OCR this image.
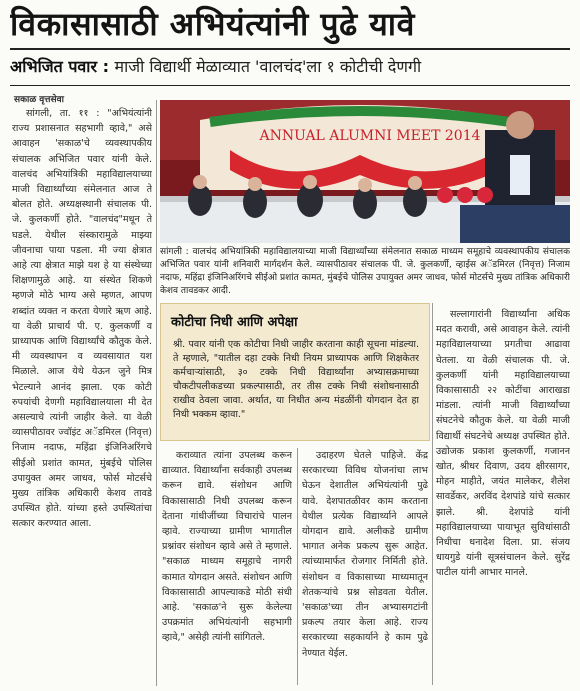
विकासासाठी अभियंत्यांनी पुढे यावे
अभिजित पवार : माजी विद्यार्थी मेळाव्यात 'वालचंद'ला १ कोटीची देणगी
सकाळ वृत्तसेवा

सांगली, ता. ११ : "अभियंत्यांनी राज्य प्रशासनात सहभागी व्हावे," असे आवाहन 'सकाळ'चे व्यवस्थापकीय संचालक अभिजित पवार यांनी केले. वालचंद अभियांत्रिकी महाविद्यालयाच्या माजी विद्यार्थ्यांच्या संमेलनात आज ते बोलत होते. अध्यक्षस्थानी संचालक पी. जे. कुलकर्णी होते. "वालचंद"मधून ते घडले. येथील संस्कारामुळे माझ्या जीवनाचा पाया पडला. मी ज्या क्षेत्रात आहे त्या क्षेत्रात माझे यश हे या संस्थेच्या शिक्षणामुळे आहे. या संस्थेत शिकणे म्हणजे मोठे भाग्य असे म्हणत, आपण शब्दांत व्यक्त न करता येणारे ऋण आहे. या वेळी प्राचार्य पी. ए. कुलकर्णी व प्राध्यापक आणि विद्यार्थ्यांचे कौतुक केले. मी व्यवस्थापन व व्यवसायात यश मिळाले. आज येथे येऊन जुने मित्र भेटल्याने आनंद झाला. एक कोटी रुपयांची देणगी महाविद्यालयाला मी देत असल्याचे त्यांनी जाहीर केले. या वेळी व्यासपीठावर ज्वॉइंट अॅडमिरल (निवृत्त) निजाम नदाफ, महिंद्रा इंजिनिअरिंगचे सीईओ प्रशांत कामत, मुंबईचे पोलिस उपायुक्त अमर जाधव, फोर्स मोटर्सचे मुख्य तांत्रिक अधिकारी केशव तावडे उपस्थित होते. यांच्या हस्ते उपस्थितांचा सत्कार करण्यात आला.

ANNUAL ALUMNI MEET 2014
सांगली : वालचंद अभियांत्रिकी महाविद्यालयाच्या माजी विद्यार्थ्यांच्या संमेलनात सकाळ माध्यम समूहाचे व्यवस्थापकीय संचालक अभिजित पवार यांनी शनिवारी मार्गदर्शन केले. व्यासपीठावर संचालक पी. जे. कुलकर्णी, व्हाईस अॅडमिरल (निवृत्त) निजाम नदाफ, महिंद्रा इंजिनिअरिंगचे सीईओ प्रशांत कामत, मुंबईचे पोलिस उपायुक्त अमर जाधव, फोर्स मोटर्सचे मुख्य तांत्रिक अधिकारी केशव तावडकर आदी.
कोटीचा निधी आणि अपेक्षा
श्री. पवार यांनी एक कोटीचा निधी जाहीर करताना काही सूचना मांडल्या. ते म्हणाले, "यातील दहा टक्के निधी नियम प्राध्यापक आणि शिक्षकेतर कर्मचाऱ्यांसाठी, ३० टक्के निधी विद्यार्थ्यांना अभ्यासक्रमाच्या चौकटीपलीकडच्या प्रकल्पासाठी, तर तीस टक्के निधी संशोधनासाठी राखीव ठेवला जावा. अर्थात, या निधीत अन्य मंडळींनी योगदान देत हा निधी भक्कम व्हावा."

सल्लागारांनी विद्यार्थ्यांना अधिक मदत करावी, असे आवाहन केले. त्यांनी महाविद्यालयाच्या प्रगतीचा आढावा घेतला. या वेळी संचालक पी. जे. कुलकर्णी यांनी महाविद्यालयाच्या विकासासाठी २२ कोटींचा आराखडा मांडला. त्यांनी माजी विद्यार्थ्यांच्या संघटनेचे कौतुक केले. या वेळी माजी विद्यार्थी संघटनेचे अध्यक्ष उपस्थित होते. उद्योजक प्रकाश कुलकर्णी, गजानन खोत, श्रीधर दिवाण, उदय क्षीरसागर, मोहन माहीते, जयंत मालेकर, शैलेश सावर्डेकर, अरविंद देशपांडे यांचे सत्कार झाले. श्री. देशपांडे यांनी महाविद्यालयाच्या पायाभूत सुविधांसाठी निधीचा धनादेश दिला. प्रा. संजय धायगुडे यांनी सूत्रसंचालन केले. सुरेंद्र पाटील यांनी आभार मानले.

कराव्यात त्यांना उपलब्ध करून द्याव्यात. विद्यार्थ्यांना सर्वकाही उपलब्ध करून द्यावे. संशोधन आणि विकासासाठी निधी उपलब्ध करून देताना गांधीजींच्या विचारांचे पालन व्हावे. राज्याच्या ग्रामीण भागातील प्रश्नांवर संशोधन व्हावे असे ते म्हणाले. "सकाळ माध्यम समूहाचे नागरी कामात योगदान असते. संशोधन आणि विकासासाठी आपल्याकडे मोठी संधी आहे. 'सकाळ'ने सुरू केलेल्या उपक्रमांत अभियंत्यांनी सहभागी व्हावे," असेही त्यांनी सांगितले.

उदाहरण घेतले पाहिजे. केंद्र सरकारच्या विविध योजनांचा लाभ घेऊन देशातील अभियंत्यांनी पुढे यावे. देशपातळीवर काम करताना येथील प्रत्येक विद्यार्थ्याने आपले योगदान द्यावे. अलीकडे ग्रामीण भागात अनेक प्रकल्प सुरू आहेत. त्यांच्यामार्फत रोजगार निर्मिती होते. संशोधन व विकासाच्या माध्यमातून शेतकऱ्यांचे प्रश्न सोडवता येतील. 'सकाळ'च्या तीन अभ्यासगटांनी प्रकल्प तयार केला आहे. राज्य सरकारच्या सहकार्याने हे काम पुढे नेण्यात येईल.
